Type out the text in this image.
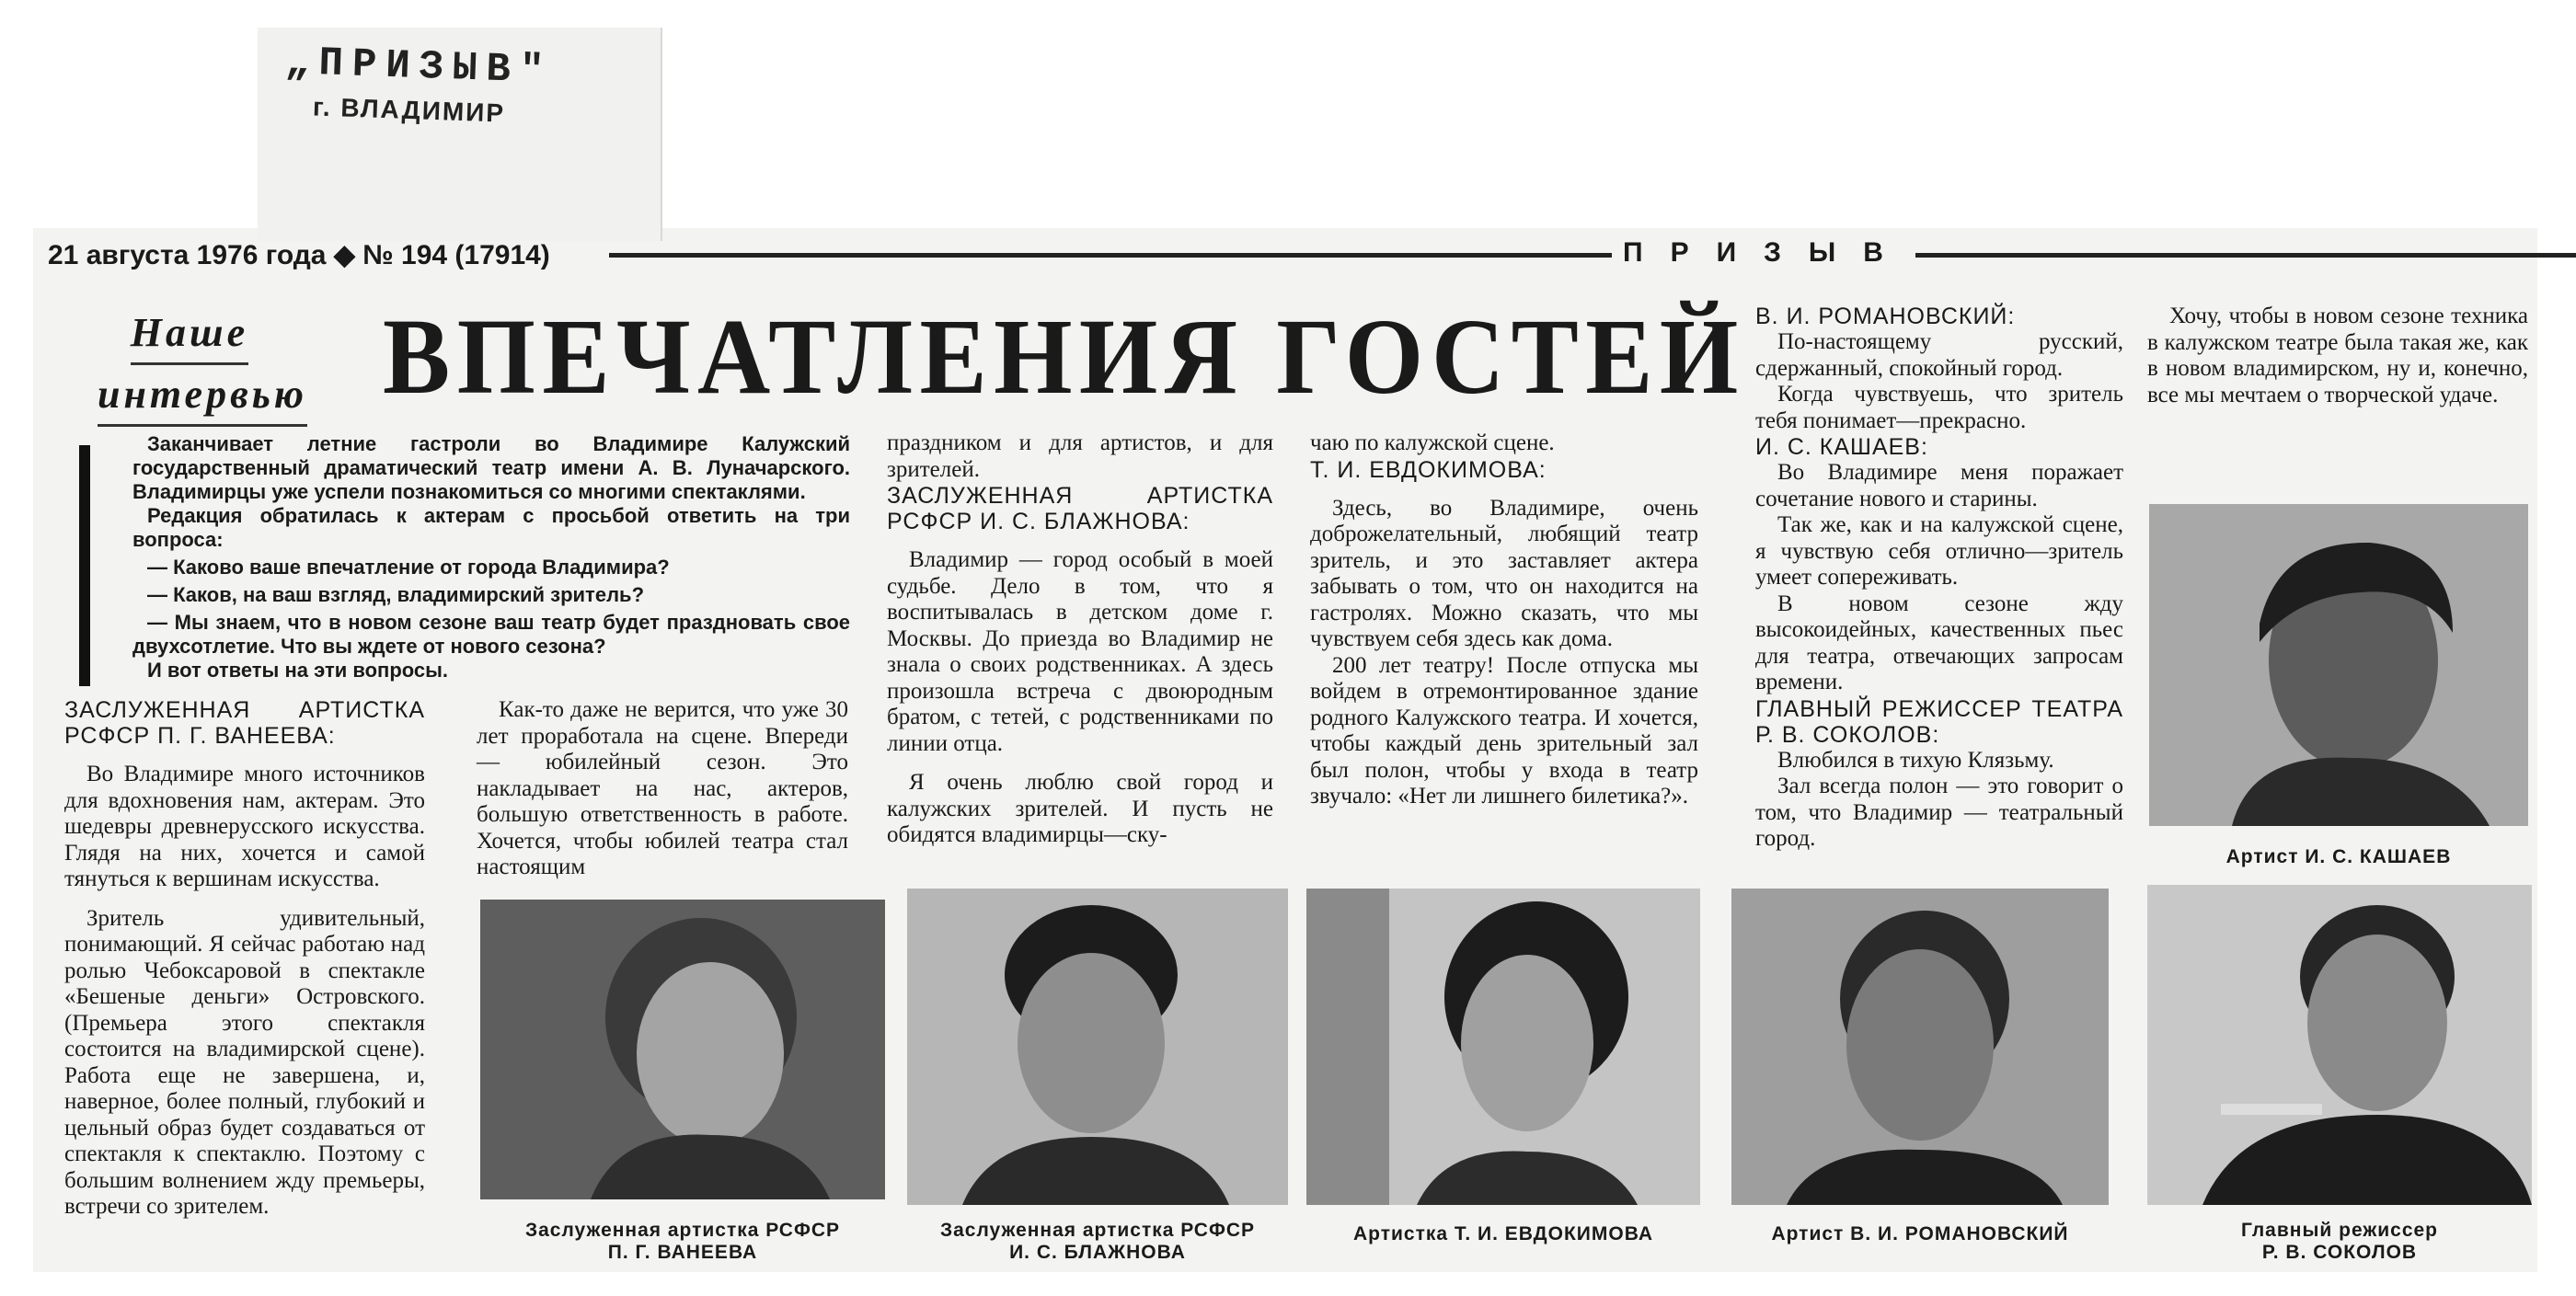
„ПРИЗЫВ"
г. ВЛАДИМИР
21 августа 1976 года ◆ № 194 (17914)	ПРИЗЫВ
Наше
интервью ВПЕЧАТЛЕНИЯ ГОСТЕЙ

Заканчивает летние гастроли во Владимире Калужский государственный драматический театр имени А. В. Луначарского. Владимирцы уже успели познакомиться со многими спектаклями.

Редакция обратилась к актерам с просьбой ответить на три вопроса:

— Каково ваше впечатление от города Владимира?

— Каков, на ваш взгляд, владимирский зритель?

— Мы знаем, что в новом сезоне ваш театр будет праздновать свое двухсотлетие. Что вы ждете от нового сезона?

И вот ответы на эти вопросы.

ЗАСЛУЖЕННАЯ АРТИСТКА РСФСР П. Г. ВАНЕЕВА:

Во Владимире много источников для вдохновения нам, актерам. Это шедевры древнерусского искусства. Глядя на них, хочется и самой тянуться к вершинам искусства.

Зритель удивительный, понимающий. Я сейчас работаю над ролью Чебоксаровой в спектакле «Бешеные деньги» Островского. (Премьера этого спектакля состоится на владимирской сцене). Работа еще не завершена, и, наверное, более полный, глубокий и цельный образ будет создаваться от спектакля к спектаклю. Поэтому с большим волнением жду премьеры, встречи со зрителем.

Как-то даже не верится, что уже 30 лет проработала на сцене. Впереди — юбилейный сезон. Это накладывает на нас, актеров, большую ответственность в работе. Хочется, чтобы юбилей театра стал настоящим

праздником и для артистов, и для зрителей.

ЗАСЛУЖЕННАЯ АРТИСТКА РСФСР И. С. БЛАЖНОВА:

Владимир — город особый в моей судьбе. Дело в том, что я воспитывалась в детском доме г. Москвы. До приезда во Владимир не знала о своих родственниках. А здесь произошла встреча с двоюродным братом, с тетей, с родственниками по линии отца.

Я очень люблю свой город и калужских зрителей. И пусть не обидятся владимирцы—ску-

чаю по калужской сцене.

Т. И. ЕВДОКИМОВА:

Здесь, во Владимире, очень доброжелательный, любящий театр зритель, и это заставляет актера забывать о том, что он находится на гастролях. Можно сказать, что мы чувствуем себя здесь как дома.

200 лет театру! После отпуска мы войдем в отремонтированное здание родного Калужского театра. И хочется, чтобы каждый день зрительный зал был полон, чтобы у входа в театр звучало: «Нет ли лишнего билетика?».

В. И. РОМАНОВСКИЙ:

По-настоящему русский, сдержанный, спокойный город.

Когда чувствуешь, что зритель тебя понимает—прекрасно.

И. С. КАШАЕВ:

Во Владимире меня поражает сочетание нового и старины.

Так же, как и на калужской сцене, я чувствую себя отлично—зритель умеет сопереживать.

В новом сезоне жду высокоидейных, качественных пьес для театра, отвечающих запросам времени.

ГЛАВНЫЙ РЕЖИССЕР ТЕАТРА Р. В. СОКОЛОВ:

Влюбился в тихую Клязьму.

Зал всегда полон — это говорит о том, что Владимир — театральный город.

Хочу, чтобы в новом сезоне техника в калужском театре была такая же, как в новом владимирском, ну и, конечно, все мы мечтаем о творческой удаче.

Артист И. С. КАШАЕВ
Заслуженная артистка РСФСР
П. Г. ВАНЕЕВА
Заслуженная артистка РСФСР
И. С. БЛАЖНОВА
Артистка Т. И. ЕВДОКИМОВА	Артист В. И. РОМАНОВСКИЙ	Главный режиссер
Р. В. СОКОЛОВ
